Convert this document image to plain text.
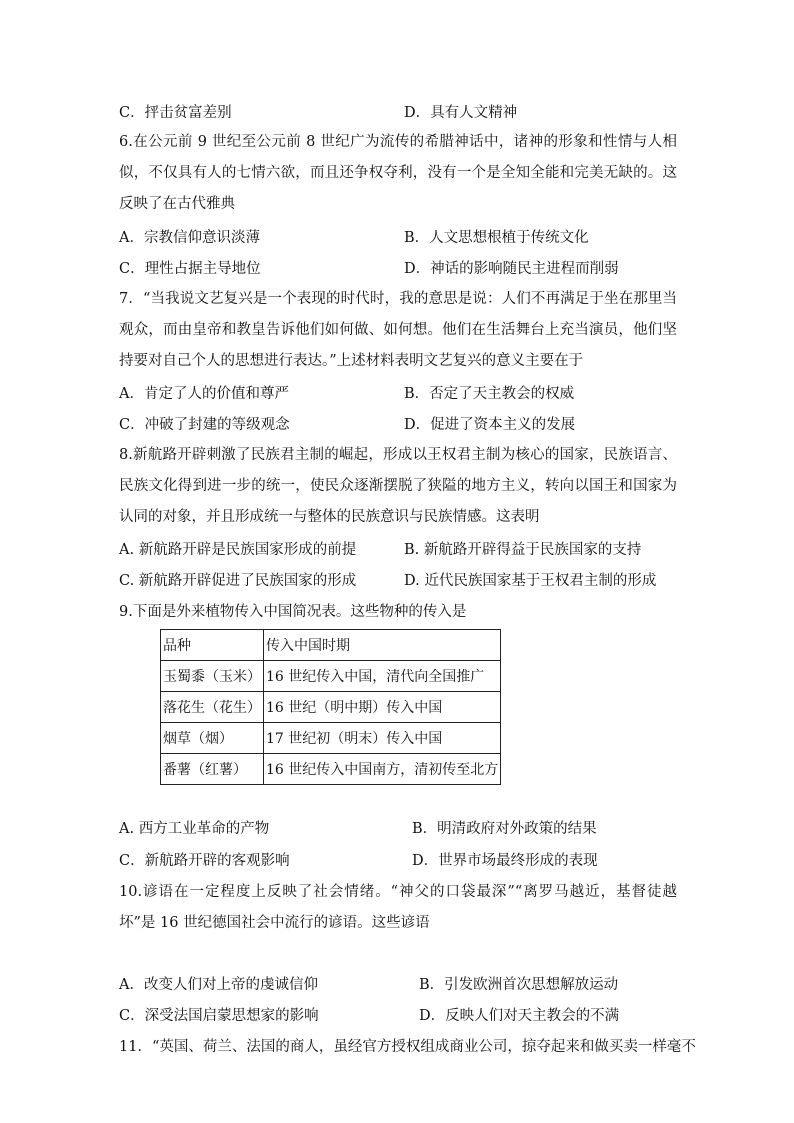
C．抨击贫富差别	D．具有人文精神
6.在公元前 9 世纪至公元前 8 世纪广为流传的希腊神话中，诸神的形象和性情与人相似，不仅具有人的七情六欲，而且还争权夺利，没有一个是全知全能和完美无缺的。这反映了在古代雅典
A．宗教信仰意识淡薄	B．人文思想根植于传统文化
C．理性占据主导地位	D．神话的影响随民主进程而削弱
7．“当我说文艺复兴是一个表现的时代时，我的意思是说：人们不再满足于坐在那里当观众，而由皇帝和教皇告诉他们如何做、如何想。他们在生活舞台上充当演员，他们坚持要对自己个人的思想进行表达。”上述材料表明文艺复兴的意义主要在于
A．肯定了人的价值和尊严	B．否定了天主教会的权威
C．冲破了封建的等级观念	D．促进了资本主义的发展
8.新航路开辟刺激了民族君主制的崛起，形成以王权君主制为核心的国家，民族语言、民族文化得到进一步的统一，使民众逐渐摆脱了狭隘的地方主义，转向以国王和国家为认同的对象，并且形成统一与整体的民族意识与民族情感。这表明
A. 新航路开辟是民族国家形成的前提	B. 新航路开辟得益于民族国家的支持
C. 新航路开辟促进了民族国家的形成	D. 近代民族国家基于王权君主制的形成
9.下面是外来植物传入中国简况表。这些物种的传入是
品种	传入中国时期
玉蜀黍（玉米）	16 世纪传入中国，清代向全国推广
落花生（花生）	16 世纪（明中期）传入中国
烟草（烟）	17 世纪初（明末）传入中国
番薯（红薯）	16 世纪传入中国南方，清初传至北方
A. 西方工业革命的产物	B．明清政府对外政策的结果
C．新航路开辟的客观影响	D．世界市场最终形成的表现
10.谚语在一定程度上反映了社会情绪。“神父的口袋最深”“离罗马越近，基督徒越坏”是 16 世纪德国社会中流行的谚语。这些谚语
A．改变人们对上帝的虔诚信仰	B．引发欧洲首次思想解放运动
C．深受法国启蒙思想家的影响	D．反映人们对天主教会的不满
11．“英国、荷兰、法国的商人，虽经官方授权组成商业公司，掠夺起来和做买卖一样毫不
